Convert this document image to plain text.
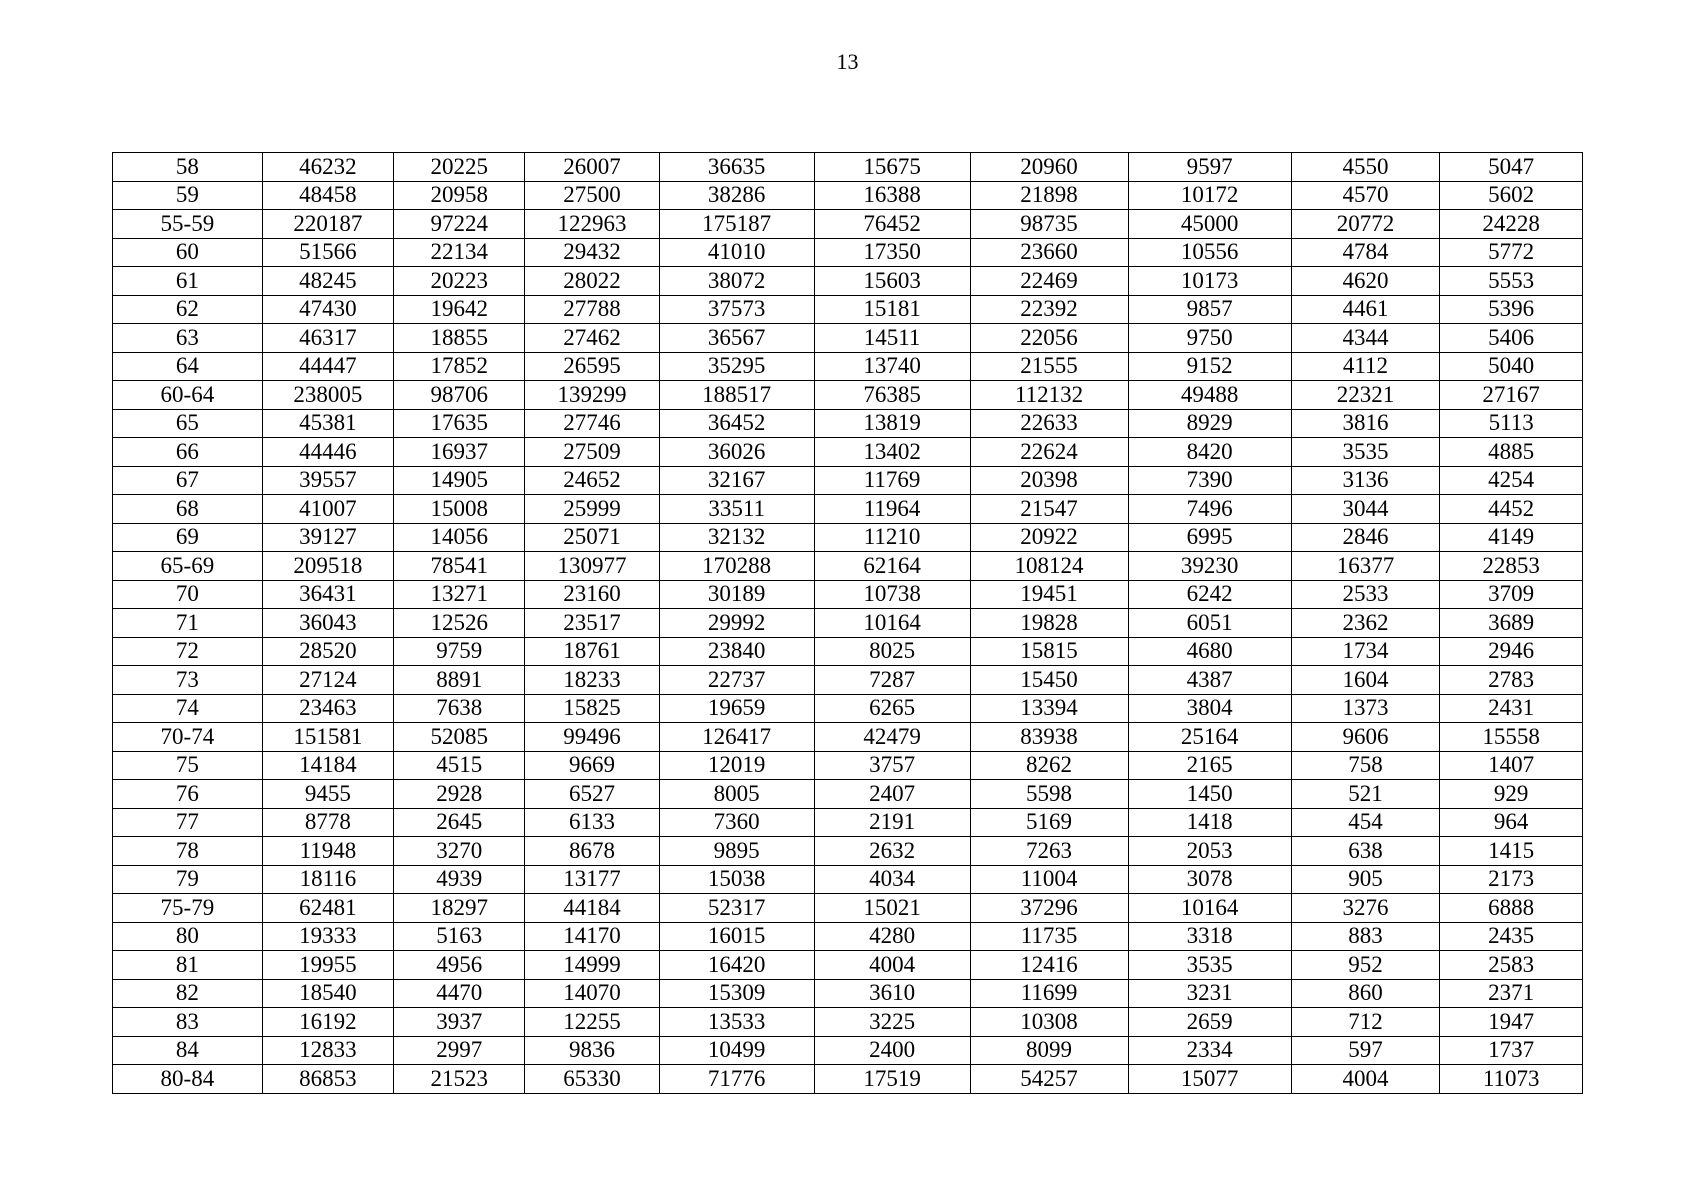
13
58	46232	20225	26007	36635	15675	20960	9597	4550	5047
59	48458	20958	27500	38286	16388	21898	10172	4570	5602
55-59	220187	97224	122963	175187	76452	98735	45000	20772	24228
60	51566	22134	29432	41010	17350	23660	10556	4784	5772
61	48245	20223	28022	38072	15603	22469	10173	4620	5553
62	47430	19642	27788	37573	15181	22392	9857	4461	5396
63	46317	18855	27462	36567	14511	22056	9750	4344	5406
64	44447	17852	26595	35295	13740	21555	9152	4112	5040
60-64	238005	98706	139299	188517	76385	112132	49488	22321	27167
65	45381	17635	27746	36452	13819	22633	8929	3816	5113
66	44446	16937	27509	36026	13402	22624	8420	3535	4885
67	39557	14905	24652	32167	11769	20398	7390	3136	4254
68	41007	15008	25999	33511	11964	21547	7496	3044	4452
69	39127	14056	25071	32132	11210	20922	6995	2846	4149
65-69	209518	78541	130977	170288	62164	108124	39230	16377	22853
70	36431	13271	23160	30189	10738	19451	6242	2533	3709
71	36043	12526	23517	29992	10164	19828	6051	2362	3689
72	28520	9759	18761	23840	8025	15815	4680	1734	2946
73	27124	8891	18233	22737	7287	15450	4387	1604	2783
74	23463	7638	15825	19659	6265	13394	3804	1373	2431
70-74	151581	52085	99496	126417	42479	83938	25164	9606	15558
75	14184	4515	9669	12019	3757	8262	2165	758	1407
76	9455	2928	6527	8005	2407	5598	1450	521	929
77	8778	2645	6133	7360	2191	5169	1418	454	964
78	11948	3270	8678	9895	2632	7263	2053	638	1415
79	18116	4939	13177	15038	4034	11004	3078	905	2173
75-79	62481	18297	44184	52317	15021	37296	10164	3276	6888
80	19333	5163	14170	16015	4280	11735	3318	883	2435
81	19955	4956	14999	16420	4004	12416	3535	952	2583
82	18540	4470	14070	15309	3610	11699	3231	860	2371
83	16192	3937	12255	13533	3225	10308	2659	712	1947
84	12833	2997	9836	10499	2400	8099	2334	597	1737
80-84	86853	21523	65330	71776	17519	54257	15077	4004	11073
